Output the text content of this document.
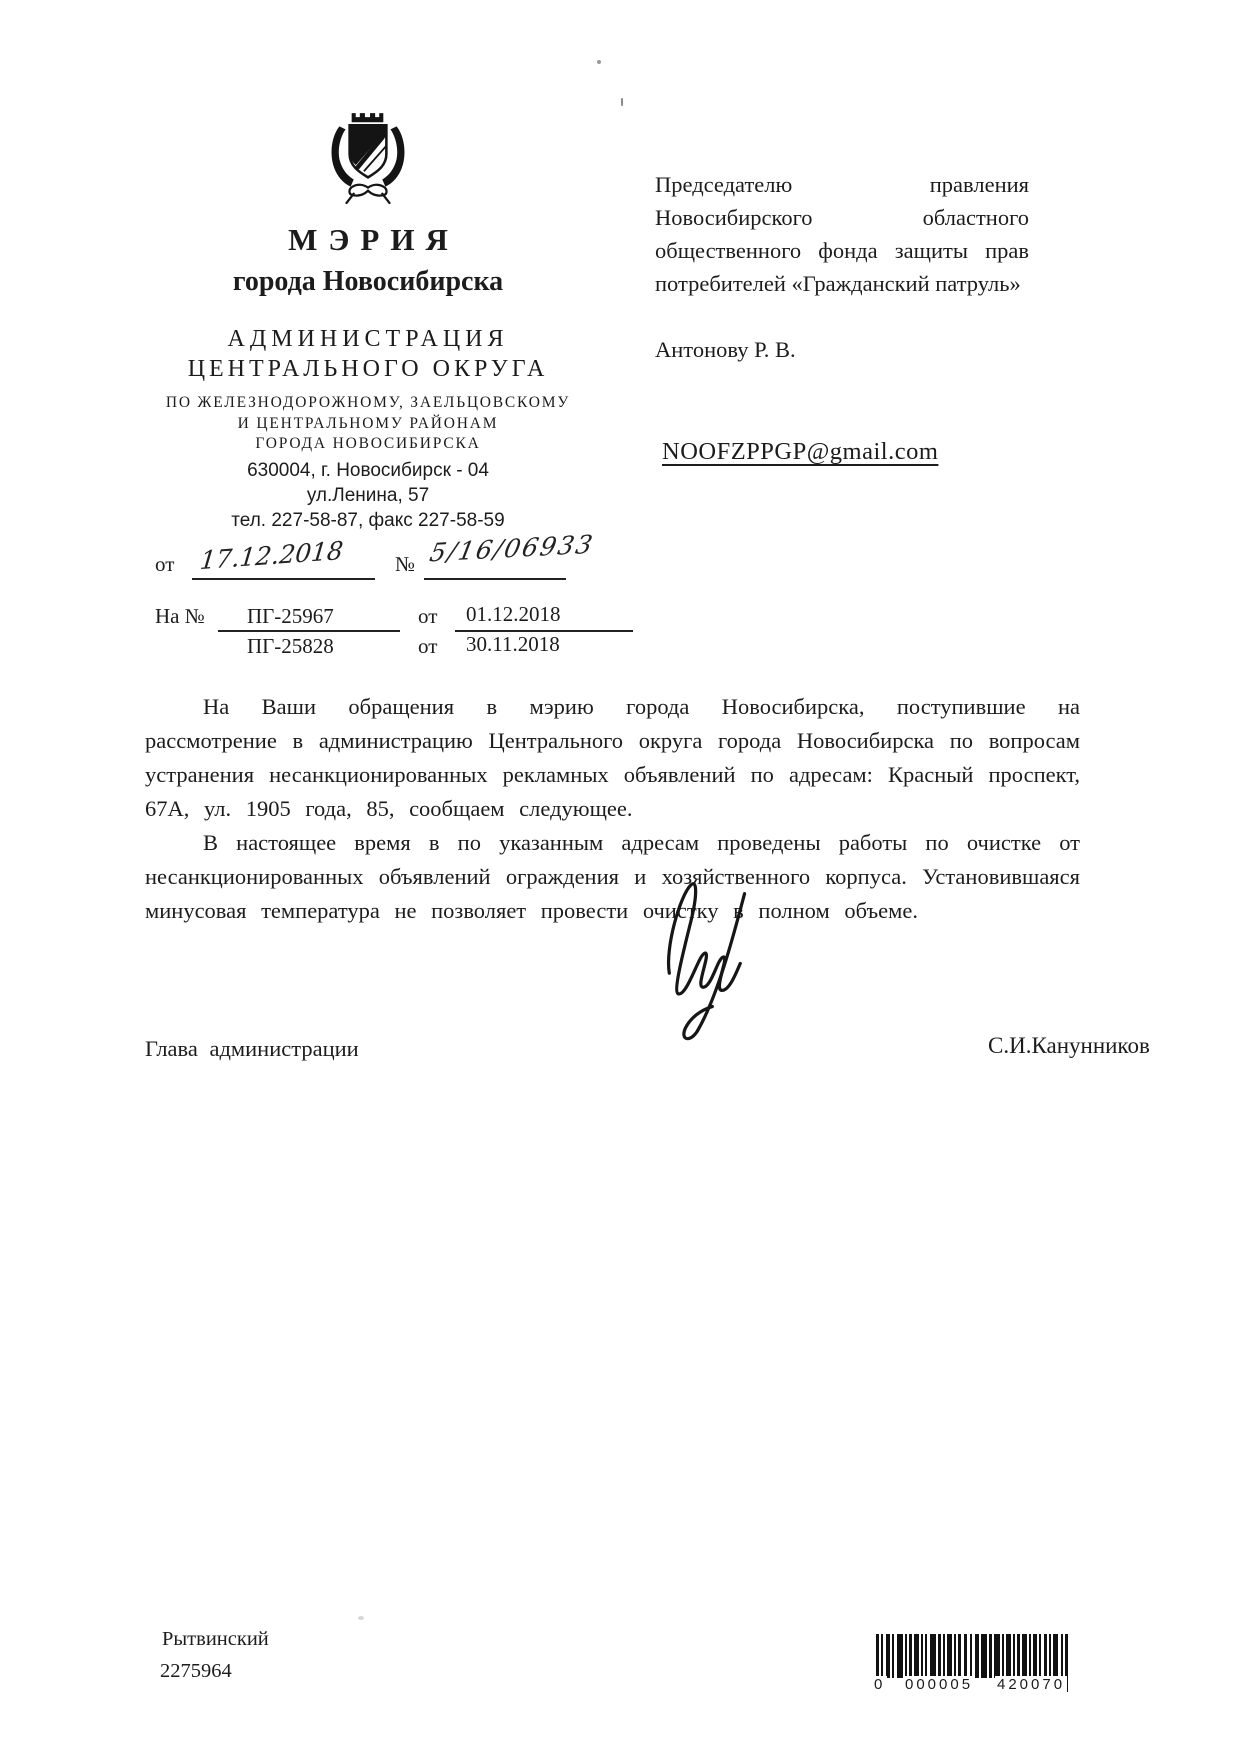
МЭРИЯ
города Новосибирска
АДМИНИСТРАЦИЯ
ЦЕНТРАЛЬНОГО ОКРУГА
ПО ЖЕЛЕЗНОДОРОЖНОМУ, ЗАЕЛЬЦОВСКОМУ
И ЦЕНТРАЛЬНОМУ РАЙОНАМ
ГОРОДА НОВОСИБИРСКА
630004, г. Новосибирск - 04
ул.Ленина, 57
тел. 227-58-87, факс 227-58-59
от 17.12.2018 № 5/16/06933
На № ПГ-25967	от 01.12.2018
ПГ-25828	от 30.11.2018
Председателю правления Новосибирского областного общественного фонда защиты прав потребителей «Гражданский патруль»
Антонову Р. В.
NOOFZPPGP@gmail.com

На Ваши обращения в мэрию города Новосибирска, поступившие на рассмотрение в администрацию Центрального округа города Новосибирска по вопросам устранения несанкционированных рекламных объявлений по адресам: Красный проспект, 67А, ул. 1905 года, 85, сообщаем следующее.

В настоящее время в по указанным адресам проведены работы по очистке от несанкционированных объявлений ограждения и хозяйственного корпуса. Установившаяся минусовая температура не позволяет провести очистку в полном объеме.

Глава администрации	С.И.Канунников
Рытвинский
2275964
0 000005 420070
